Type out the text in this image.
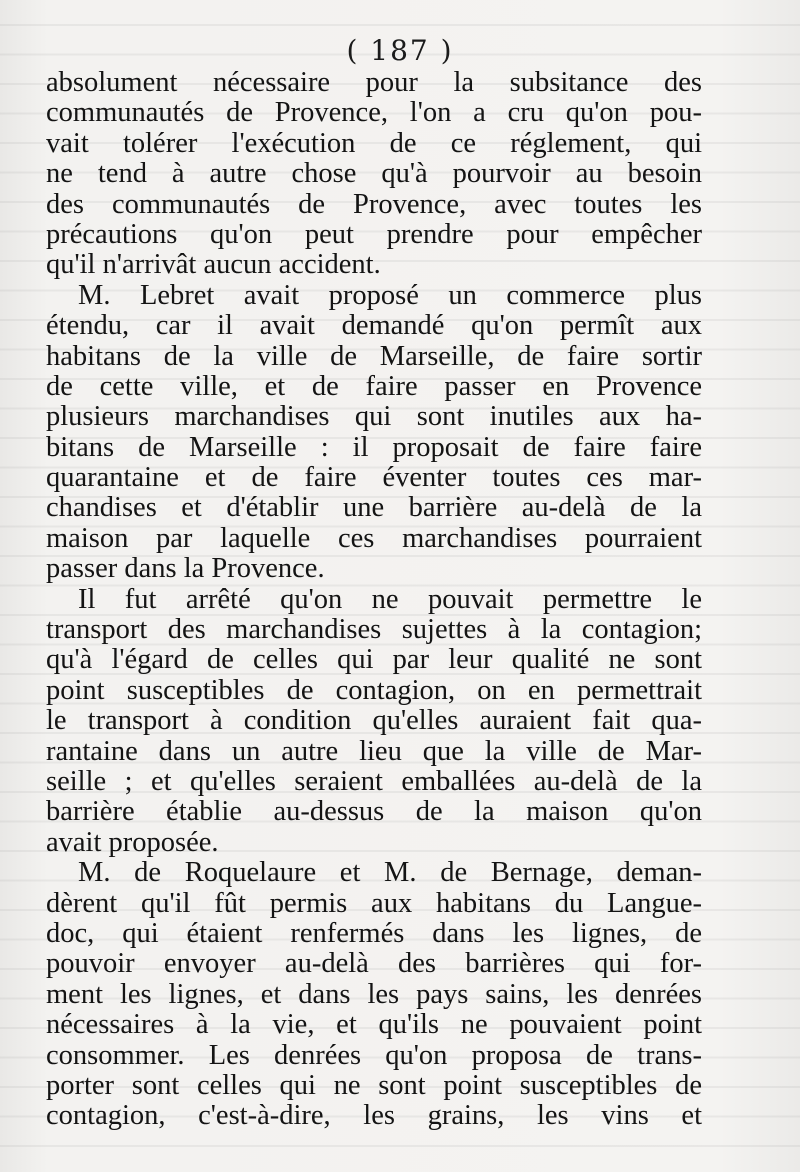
( 187 )
absolument nécessaire pour la subsitance des
communautés de Provence, l'on a cru qu'on pou-
vait tolérer l'exécution de ce réglement, qui
ne tend à autre chose qu'à pourvoir au besoin
des communautés de Provence, avec toutes les
précautions qu'on peut prendre pour empêcher
qu'il n'arrivât aucun accident.
M. Lebret avait proposé un commerce plus
étendu, car il avait demandé qu'on permît aux
habitans de la ville de Marseille, de faire sortir
de cette ville, et de faire passer en Provence
plusieurs marchandises qui sont inutiles aux ha-
bitans de Marseille : il proposait de faire faire
quarantaine et de faire éventer toutes ces mar-
chandises et d'établir une barrière au-delà de la
maison par laquelle ces marchandises pourraient
passer dans la Provence.
Il fut arrêté qu'on ne pouvait permettre le
transport des marchandises sujettes à la contagion;
qu'à l'égard de celles qui par leur qualité ne sont
point susceptibles de contagion, on en permettrait
le transport à condition qu'elles auraient fait qua-
rantaine dans un autre lieu que la ville de Mar-
seille ; et qu'elles seraient emballées au-delà de la
barrière établie au-dessus de la maison qu'on
avait proposée.
M. de Roquelaure et M. de Bernage, deman-
dèrent qu'il fût permis aux habitans du Langue-
doc, qui étaient renfermés dans les lignes, de
pouvoir envoyer au-delà des barrières qui for-
ment les lignes, et dans les pays sains, les denrées
nécessaires à la vie, et qu'ils ne pouvaient point
consommer. Les denrées qu'on proposa de trans-
porter sont celles qui ne sont point susceptibles de
contagion, c'est-à-dire, les grains, les vins et
